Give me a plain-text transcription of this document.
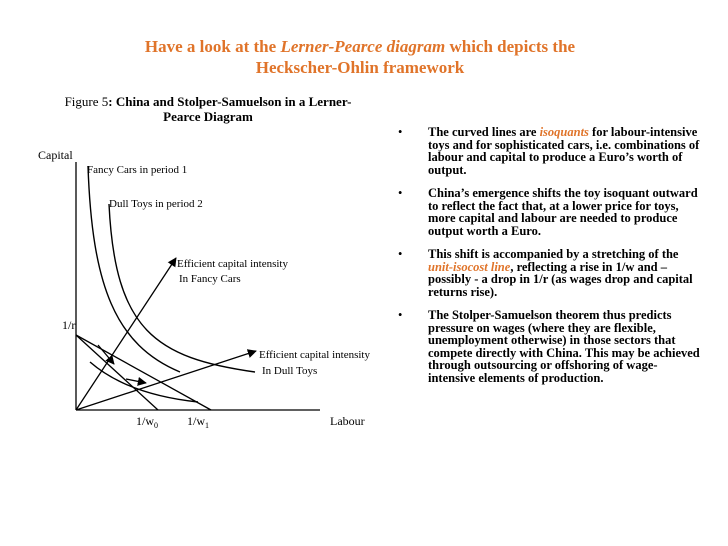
Have a look at the Lerner-Pearce diagram which depicts the
Heckscher-Ohlin framework
Figure 5: China and Stolper-Samuelson in a Lerner-Pearce Diagram
Capital
Labour
Fancy Cars in period 1
Dull Toys in period 2
Efficient capital intensity
In Fancy Cars
Efficient capital intensity
In Dull Toys
1/r
$1/w_0$ $1/w_1$
• The curved lines are isoquants for labour-intensive toys and for sophisticated cars, i.e. combinations of labour and capital to produce a Euro’s worth of output.
• China’s emergence shifts the toy isoquant outward to reflect the fact that, at a lower price for toys, more capital and labour are needed to produce output worth a Euro.
• This shift is accompanied by a stretching of the unit-isocost line, reflecting a rise in 1/w and – possibly - a drop in 1/r (as wages drop and capital returns rise).
• The Stolper-Samuelson theorem thus predicts pressure on wages (where they are flexible, unemployment otherwise) in those sectors that compete directly with China. This may be achieved through outsourcing or offshoring of wage-intensive elements of production.
